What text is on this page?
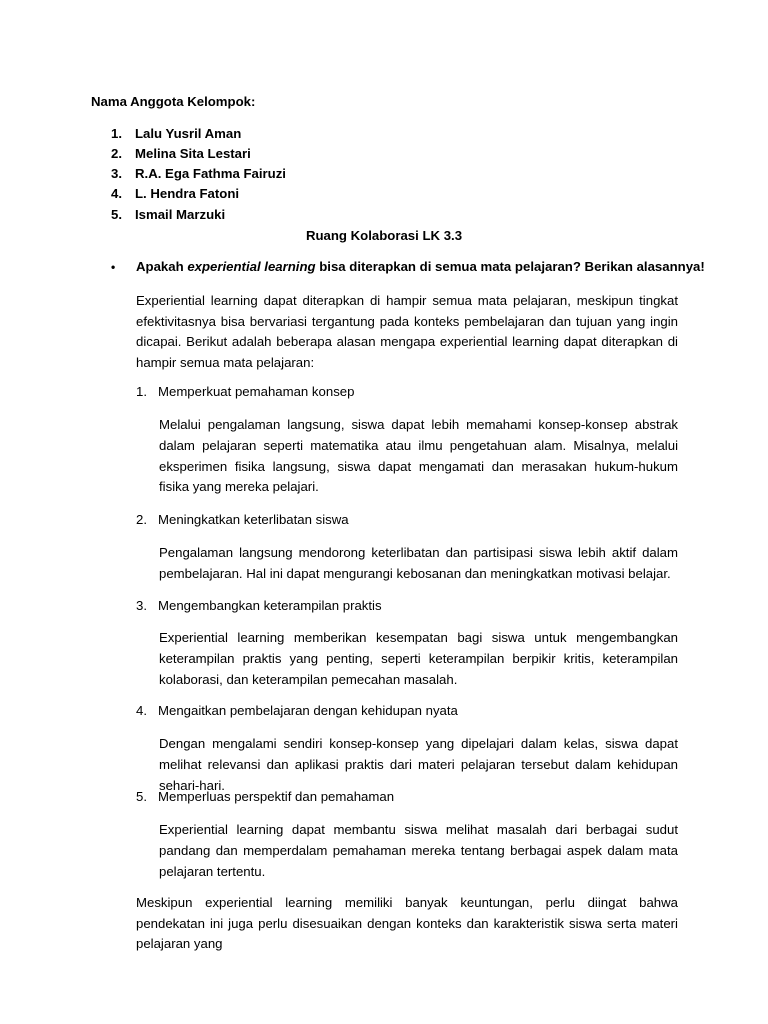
Nama Anggota Kelompok:
1. Lalu Yusril Aman
2. Melina Sita Lestari
3. R.A. Ega Fathma Fairuzi
4. L. Hendra Fatoni
5. Ismail Marzuki
Ruang Kolaborasi LK 3.3
• Apakah experiential learning bisa diterapkan di semua mata pelajaran? Berikan alasannya!
Experiential learning dapat diterapkan di hampir semua mata pelajaran, meskipun tingkat efektivitasnya bisa bervariasi tergantung pada konteks pembelajaran dan tujuan yang ingin dicapai. Berikut adalah beberapa alasan mengapa experiential learning dapat diterapkan di hampir semua mata pelajaran:
1. Memperkuat pemahaman konsep
Melalui pengalaman langsung, siswa dapat lebih memahami konsep-konsep abstrak dalam pelajaran seperti matematika atau ilmu pengetahuan alam. Misalnya, melalui eksperimen fisika langsung, siswa dapat mengamati dan merasakan hukum-hukum fisika yang mereka pelajari.
2. Meningkatkan keterlibatan siswa
Pengalaman langsung mendorong keterlibatan dan partisipasi siswa lebih aktif dalam pembelajaran. Hal ini dapat mengurangi kebosanan dan meningkatkan motivasi belajar.
3. Mengembangkan keterampilan praktis
Experiential learning memberikan kesempatan bagi siswa untuk mengembangkan keterampilan praktis yang penting, seperti keterampilan berpikir kritis, keterampilan kolaborasi, dan keterampilan pemecahan masalah.
4. Mengaitkan pembelajaran dengan kehidupan nyata
Dengan mengalami sendiri konsep-konsep yang dipelajari dalam kelas, siswa dapat melihat relevansi dan aplikasi praktis dari materi pelajaran tersebut dalam kehidupan sehari-hari.
5. Memperluas perspektif dan pemahaman
Experiential learning dapat membantu siswa melihat masalah dari berbagai sudut pandang dan memperdalam pemahaman mereka tentang berbagai aspek dalam mata pelajaran tertentu.
Meskipun experiential learning memiliki banyak keuntungan, perlu diingat bahwa pendekatan ini juga perlu disesuaikan dengan konteks dan karakteristik siswa serta materi pelajaran yang
